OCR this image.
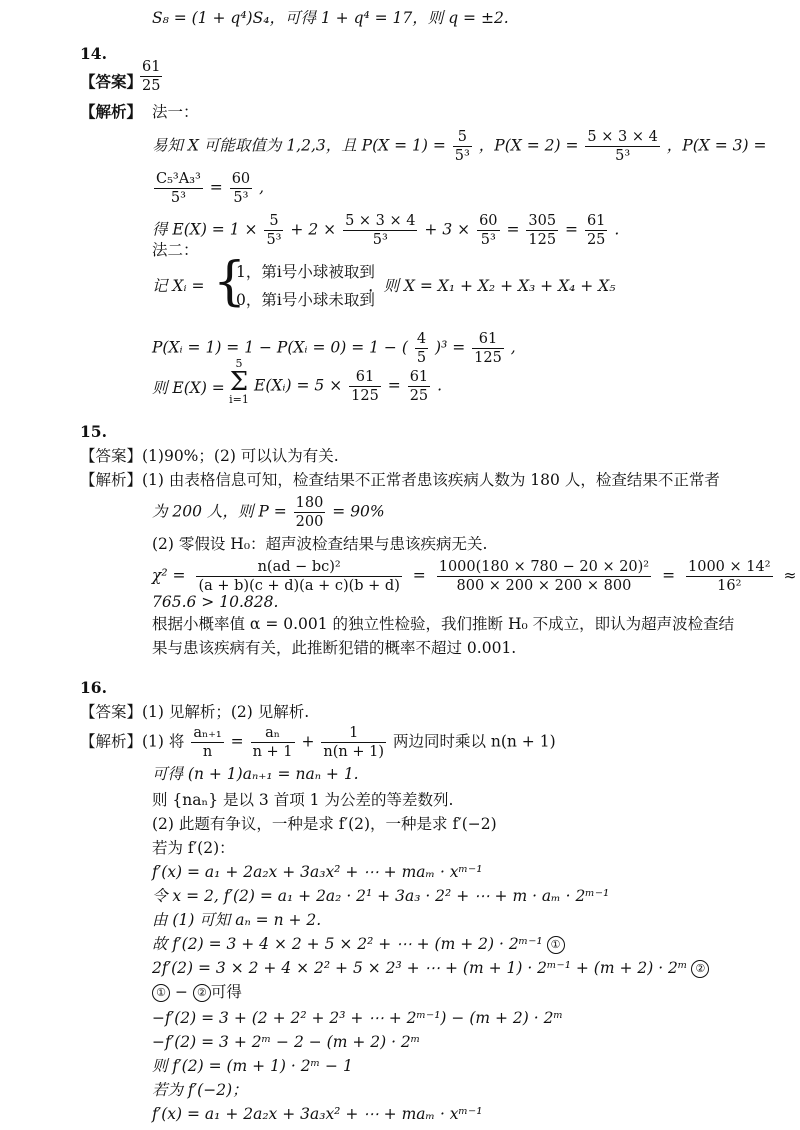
S₈ = (1 + q⁴)S₄，可得 1 + q⁴ = 17，则 q = ±2.
14.
【答案】
$\frac{61}{25}$
【解析】 法一：
易知 X 可能取值为 1,2,3，且 $P(X = 1) = \frac{5}{\text{5³}}$ ，$P(X = 2) = \frac{5 \times 3 \times 4}{\text{5³}}$ ，P(X = 3) =
$\frac{\text{C₅³A₃³}}{\text{5³}} = \frac{60}{\text{5³}}$ ,
得 $E(X) = 1 \times \frac{5}{\text{5³}} + 2 \times \frac{5 \times 3 \times 4}{\text{5³}} + 3 \times \frac{60}{\text{5³}} = \frac{305}{125} = \frac{61}{25}$ .
法二：
记 Xᵢ = {
1，第i号小球被取到
0，第i号小球未取到
，则 X = X₁ + X₂ + X₃ + X₄ + X₅
P(Xᵢ = 1) = 1 − P(Xᵢ = 0) = 1 − ( $\frac{4}{5} )^3 = \frac{61}{125}$ ,
则 E(X) =
5
Σ
i=1
E(Xᵢ) = $5 \times \frac{61}{125} = \frac{61}{25}$ .
15.
【答案】(1)90%；(2) 可以认为有关.
【解析】(1) 由表格信息可知，检查结果不正常者患该疾病人数为 180 人，检查结果不正常者
为 200 人，则 $P = \frac{180}{200} = 90\%$
(2) 零假设 H₀：超声波检查结果与患该疾病无关.
$\chi^2 = \frac{\text{n(ad − bc)²}}{(a + b)(c + d)(a + c)(b + d)} = \frac{\text{1000(180 × 780 − 20 × 20)²}}{800 \times 200 \times 200 \times 800} = \frac{\text{1000 × 14²}}{\text{16²}}$ ≈
765.6 > 10.828.
根据小概率值 α = 0.001 的独立性检验，我们推断 H₀ 不成立，即认为超声波检查结
果与患该疾病有关，此推断犯错的概率不超过 0.001.
16.
【答案】(1) 见解析；(2) 见解析.
【解析】(1) 将 $\frac{\text{aₙ₊₁}}{n} = \frac{\text{aₙ}}{n + 1} + \frac{1}{n(n + 1)}$ 两边同时乘以 n(n + 1)
可得 (n + 1)aₙ₊₁ = naₙ + 1.
则 {naₙ} 是以 3 首项 1 为公差的等差数列.
(2) 此题有争议，一种是求 f′(2)，一种是求 f′(−2)
若为 f′(2)：
f′(x) = a₁ + 2a₂x + 3a₃x² + ⋯ + maₘ · xᵐ⁻¹
令 x = 2, f′(2) = a₁ + 2a₂ · 2¹ + 3a₃ · 2² + ⋯ + m · aₘ · 2ᵐ⁻¹
由 (1) 可知 aₙ = n + 2.
故 f′(2) = 3 + 4 × 2 + 5 × 2² + ⋯ + (m + 2) · 2ᵐ⁻¹ ①
2f′(2) = 3 × 2 + 4 × 2² + 5 × 2³ + ⋯ + (m + 1) · 2ᵐ⁻¹ + (m + 2) · 2ᵐ ②
① − ② 可得
−f′(2) = 3 + (2 + 2² + 2³ + ⋯ + 2ᵐ⁻¹) − (m + 2) · 2ᵐ
−f′(2) = 3 + 2ᵐ − 2 − (m + 2) · 2ᵐ
则 f′(2) = (m + 1) · 2ᵐ − 1
若为 f′(−2)；
f′(x) = a₁ + 2a₂x + 3a₃x² + ⋯ + maₘ · xᵐ⁻¹
